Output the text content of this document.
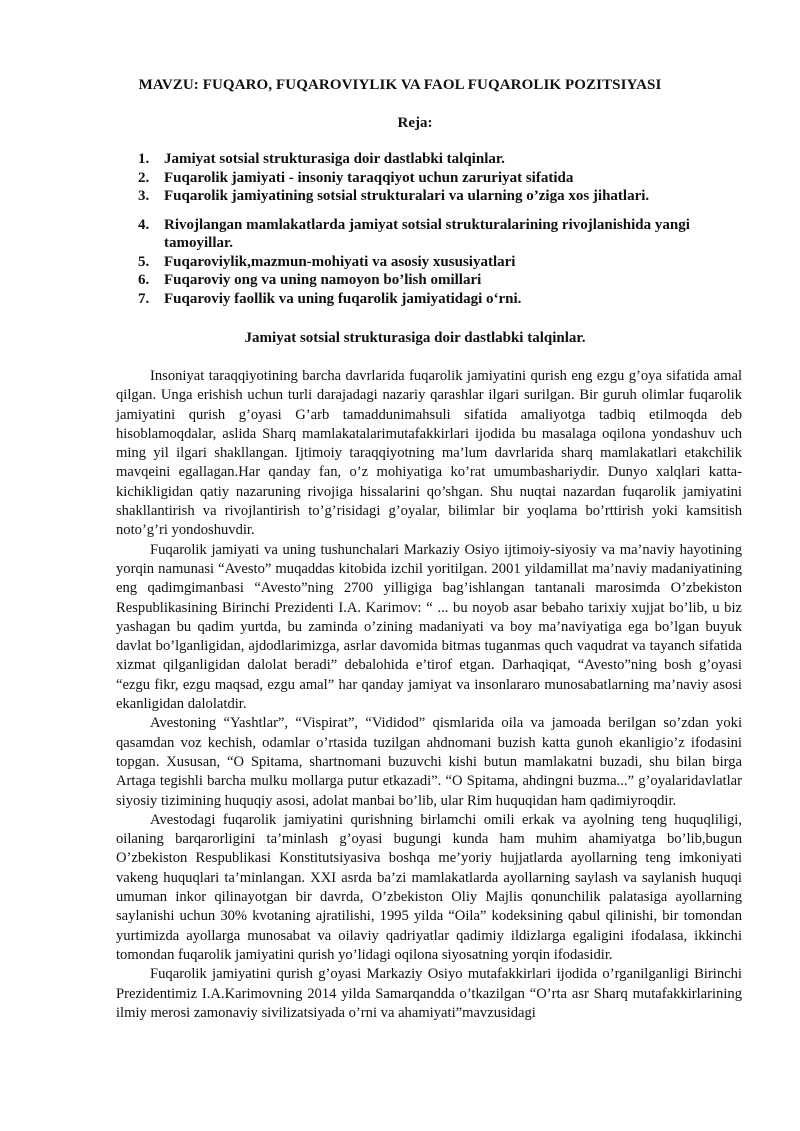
MAVZU: FUQARO, FUQAROVIYLIK VA FAOL FUQAROLIK POZITSIYASI
Reja:
1. Jamiyat sotsial strukturasiga doir dastlabki talqinlar.
2. Fuqarolik jamiyati - insoniy taraqqiyot uchun zaruriyat sifatida
3. Fuqarolik jamiyatining sotsial strukturalari va ularning o’ziga xos jihatlari.
4. Rivojlangan mamlakatlarda jamiyat sotsial strukturalarining rivojlanishida yangi tamoyillar.
5. Fuqaroviylik,mazmun-mohiyati va asosiy xususiyatlari
6. Fuqaroviy ong va uning namoyon bo’lish omillari
7. Fuqaroviy faollik va uning fuqarolik jamiyatidagi o‘rni.
Jamiyat sotsial strukturasiga doir dastlabki talqinlar.

Insoniyat taraqqiyotining barcha davrlarida fuqarolik jamiyatini qurish eng ezgu g’oya sifatida amal qilgan. Unga erishish uchun turli darajadagi nazariy qarashlar ilgari surilgan. Bir guruh olimlar fuqarolik jamiyatini qurish g’oyasi G’arb tamaddunimahsuli sifatida amaliyotga tadbiq etilmoqda deb hisoblamoqdalar, aslida Sharq mamlakatalarimutafakkirlari ijodida bu masalaga oqilona yondashuv uch ming yil ilgari shakllangan. Ijtimoiy taraqqiyotning ma’lum davrlarida sharq mamlakatlari etakchilik mavqeini egallagan.Har qanday fan, o’z mohiyatiga ko’rat umumbashariydir. Dunyo xalqlari katta-kichikligidan qatiy nazaruning rivojiga hissalarini qo’shgan. Shu nuqtai nazardan fuqarolik jamiyatini shakllantirish va rivojlantirish to’g’risidagi g’oyalar, bilimlar bir yoqlama bo’rttirish yoki kamsitish noto’g’ri yondoshuvdir.

Fuqarolik jamiyati va uning tushunchalari Markaziy Osiyo ijtimoiy-siyosiy va ma’naviy hayotining yorqin namunasi “Avesto” muqaddas kitobida izchil yoritilgan. 2001 yildamillat ma’naviy madaniyatining eng qadimgimanbasi “Avesto”ning 2700 yilligiga bag’ishlangan tantanali marosimda O’zbekiston Respublikasining Birinchi Prezidenti I.A. Karimov: “ ... bu noyob asar bebaho tarixiy xujjat bo’lib, u biz yashagan bu qadim yurtda, bu zaminda o’zining madaniyati va boy ma’naviyatiga ega bo’lgan buyuk davlat bo’lganligidan, ajdodlarimizga, asrlar davomida bitmas tuganmas quch vaqudrat va tayanch sifatida xizmat qilganligidan dalolat beradi” debalohida e’tirof etgan. Darhaqiqat, “Avesto”ning bosh g’oyasi “ezgu fikr, ezgu maqsad, ezgu amal” har qanday jamiyat va insonlararo munosabatlarning ma’naviy asosi ekanligidan dalolatdir.

Avestoning “Yashtlar”, “Vispirat”, “Vididod” qismlarida oila va jamoada berilgan so’zdan yoki qasamdan voz kechish, odamlar o’rtasida tuzilgan ahdnomani buzish katta gunoh ekanligio’z ifodasini topgan. Xususan, “O Spitama, shartnomani buzuvchi kishi butun mamlakatni buzadi, shu bilan birga Artaga tegishli barcha mulku mollarga putur etkazadi”. “O Spitama, ahdingni buzma...” g’oyalaridavlatlar siyosiy tizimining huquqiy asosi, adolat manbai bo’lib, ular Rim huquqidan ham qadimiyroqdir.

Avestodagi fuqarolik jamiyatini qurishning birlamchi omili erkak va ayolning teng huquqliligi, oilaning barqarorligini ta’minlash g’oyasi bugungi kunda ham muhim ahamiyatga bo’lib,bugun O’zbekiston Respublikasi Konstitutsiyasiva boshqa me’yoriy hujjatlarda ayollarning teng imkoniyati vakeng huquqlari ta’minlangan. XXI asrda ba’zi mamlakatlarda ayollarning saylash va saylanish huquqi umuman inkor qilinayotgan bir davrda, O’zbekiston Oliy Majlis qonunchilik palatasiga ayollarning saylanishi uchun 30% kvotaning ajratilishi, 1995 yilda “Oila” kodeksining qabul qilinishi, bir tomondan yurtimizda ayollarga munosabat va oilaviy qadriyatlar qadimiy ildizlarga egaligini ifodalasa, ikkinchi tomondan fuqarolik jamiyatini qurish yo’lidagi oqilona siyosatning yorqin ifodasidir.

Fuqarolik jamiyatini qurish g’oyasi Markaziy Osiyo mutafakkirlari ijodida o’rganilganligi Birinchi Prezidentimiz I.A.Karimovning 2014 yilda Samarqandda o’tkazilgan “O’rta asr Sharq mutafakkirlarining ilmiy merosi zamonaviy sivilizatsiyada o’rni va ahamiyati”mavzusidagi
